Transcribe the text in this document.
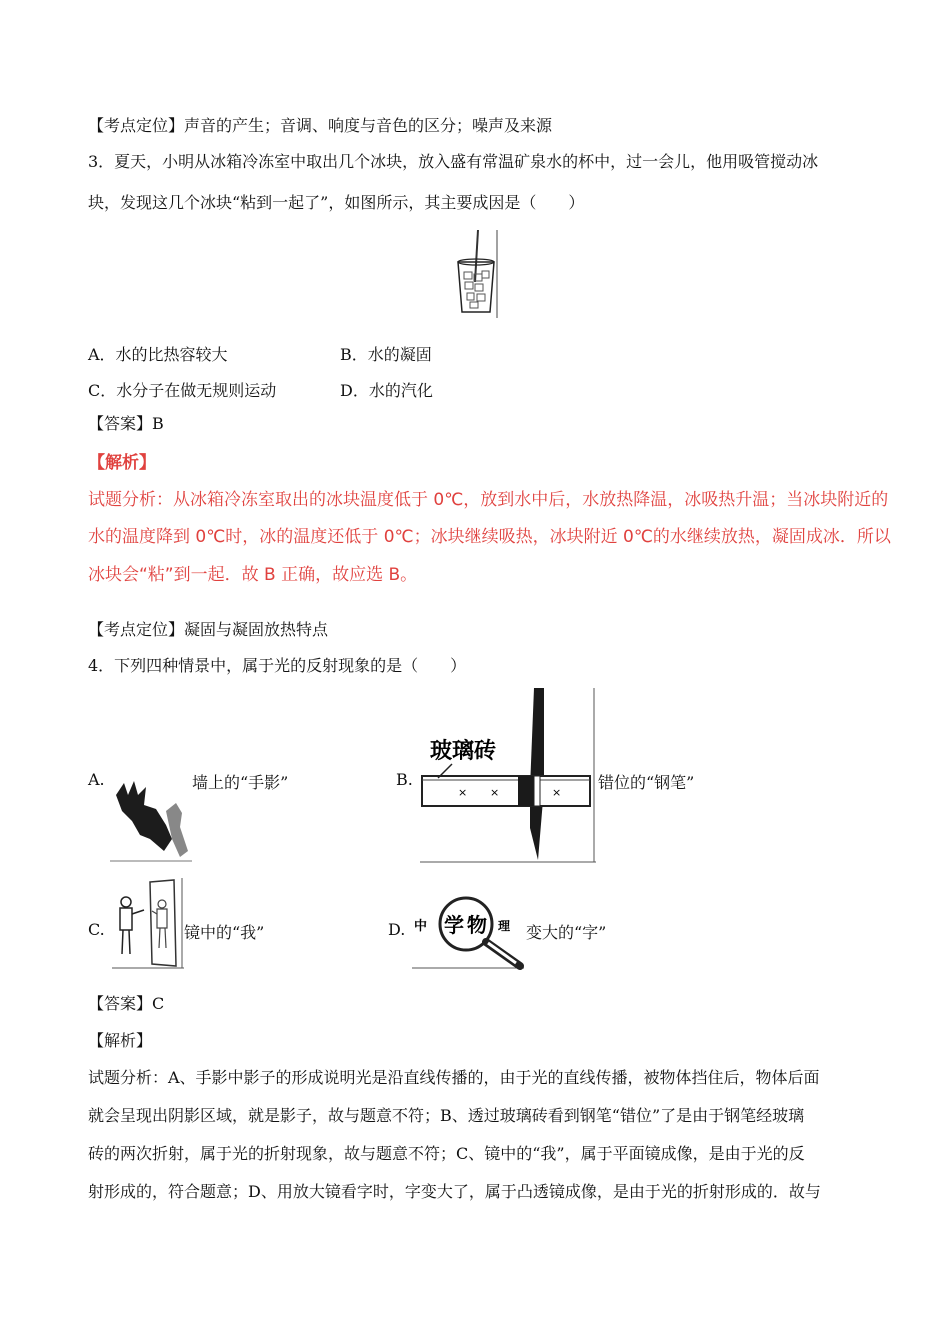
【考点定位】声音的产生；音调、响度与音色的区分；噪声及来源
3．夏天，小明从冰箱冷冻室中取出几个冰块，放入盛有常温矿泉水的杯中，过一会儿，他用吸管搅动冰
块，发现这几个冰块“粘到一起了”，如图所示，其主要成因是（　　）
A．水的比热容较大	B．水的凝固
C．水分子在做无规则运动	D．水的汽化
【答案】B
【解析】
试题分析：从冰箱冷冻室取出的冰块温度低于 0℃，放到水中后，水放热降温，冰吸热升温；当冰块附近的
水的温度降到 0℃时，冰的温度还低于 0℃；冰块继续吸热，冰块附近 0℃的水继续放热，凝固成冰．所以
冰块会“粘”到一起．故 B 正确，故应选 B。
【考点定位】凝固与凝固放热特点
4．下列四种情景中，属于光的反射现象的是（　　）
A.	墙上的“手影”	B.
× ×	×
玻璃砖
错位的“钢笔”
C.	镜中的“我”	D. 中 学 物 理 变大的“字”
【答案】C
【解析】
试题分析：A、手影中影子的形成说明光是沿直线传播的，由于光的直线传播，被物体挡住后，物体后面
就会呈现出阴影区域，就是影子，故与题意不符；B、透过玻璃砖看到钢笔“错位”了是由于钢笔经玻璃
砖的两次折射，属于光的折射现象，故与题意不符；C、镜中的“我”，属于平面镜成像，是由于光的反
射形成的，符合题意；D、用放大镜看字时，字变大了，属于凸透镜成像，是由于光的折射形成的．故与
